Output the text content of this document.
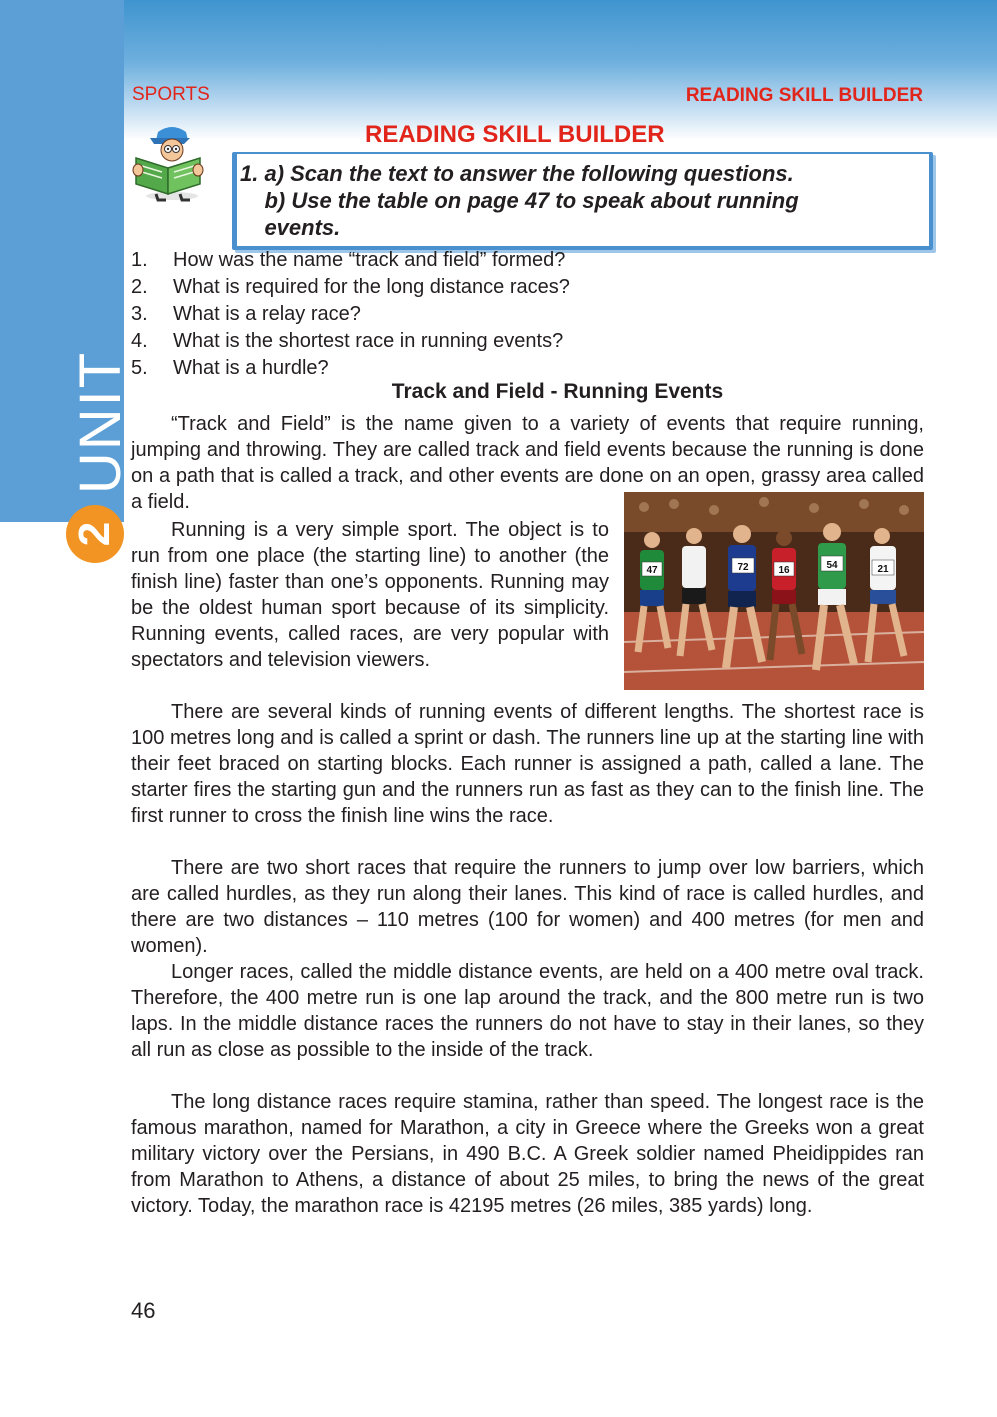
UNIT
2
SPORTS	READING SKILL BUILDER
READING SKILL BUILDER
1. a) Scan the text to answer the following questions.
b) Use the table on page 47 to speak about running
events.
1.	How was the name “track and field” formed?
2.	What is required for the long distance races?
3.	What is a relay race?
4.	What is the shortest race in running events?
5.	What is a hurdle?
Track and Field - Running Events

“Track and Field” is the name given to a variety of events that require running, jumping and throwing. They are called track and field events because the running is done on a path that is called a track, and other events are done on an open, grassy area called a field.

Running is a very simple sport. The object is to run from one place (the starting line) to another (the finish line) faster than one’s opponents. Running may be the oldest human sport because of its simplicity. Running events, called races, are very popular with spectators and television viewers.

47	72	16	54	21

There are several kinds of running events of different lengths. The shortest race is 100 metres long and is called a sprint or dash. The runners line up at the starting line with their feet braced on starting blocks. Each runner is assigned a path, called a lane. The starter fires the starting gun and the runners run as fast as they can to the finish line. The first runner to cross the finish line wins the race.

There are two short races that require the runners to jump over low barriers, which are called hurdles, as they run along their lanes. This kind of race is called hurdles, and there are two distances – 110 metres (100 for women) and 400 metres (for men and women).

Longer races, called the middle distance events, are held on a 400 metre oval track. Therefore, the 400 metre run is one lap around the track, and the 800 metre run is two laps. In the middle distance races the runners do not have to stay in their lanes, so they all run as close as possible to the inside of the track.

The long distance races require stamina, rather than speed. The longest race is the famous marathon, named for Marathon, a city in Greece where the Greeks won a great military victory over the Persians, in 490 B.C. A Greek soldier named Pheidippides ran from Marathon to Athens, a distance of about 25 miles, to bring the news of the great victory. Today, the marathon race is 42195 metres (26 miles, 385 yards) long.

46
